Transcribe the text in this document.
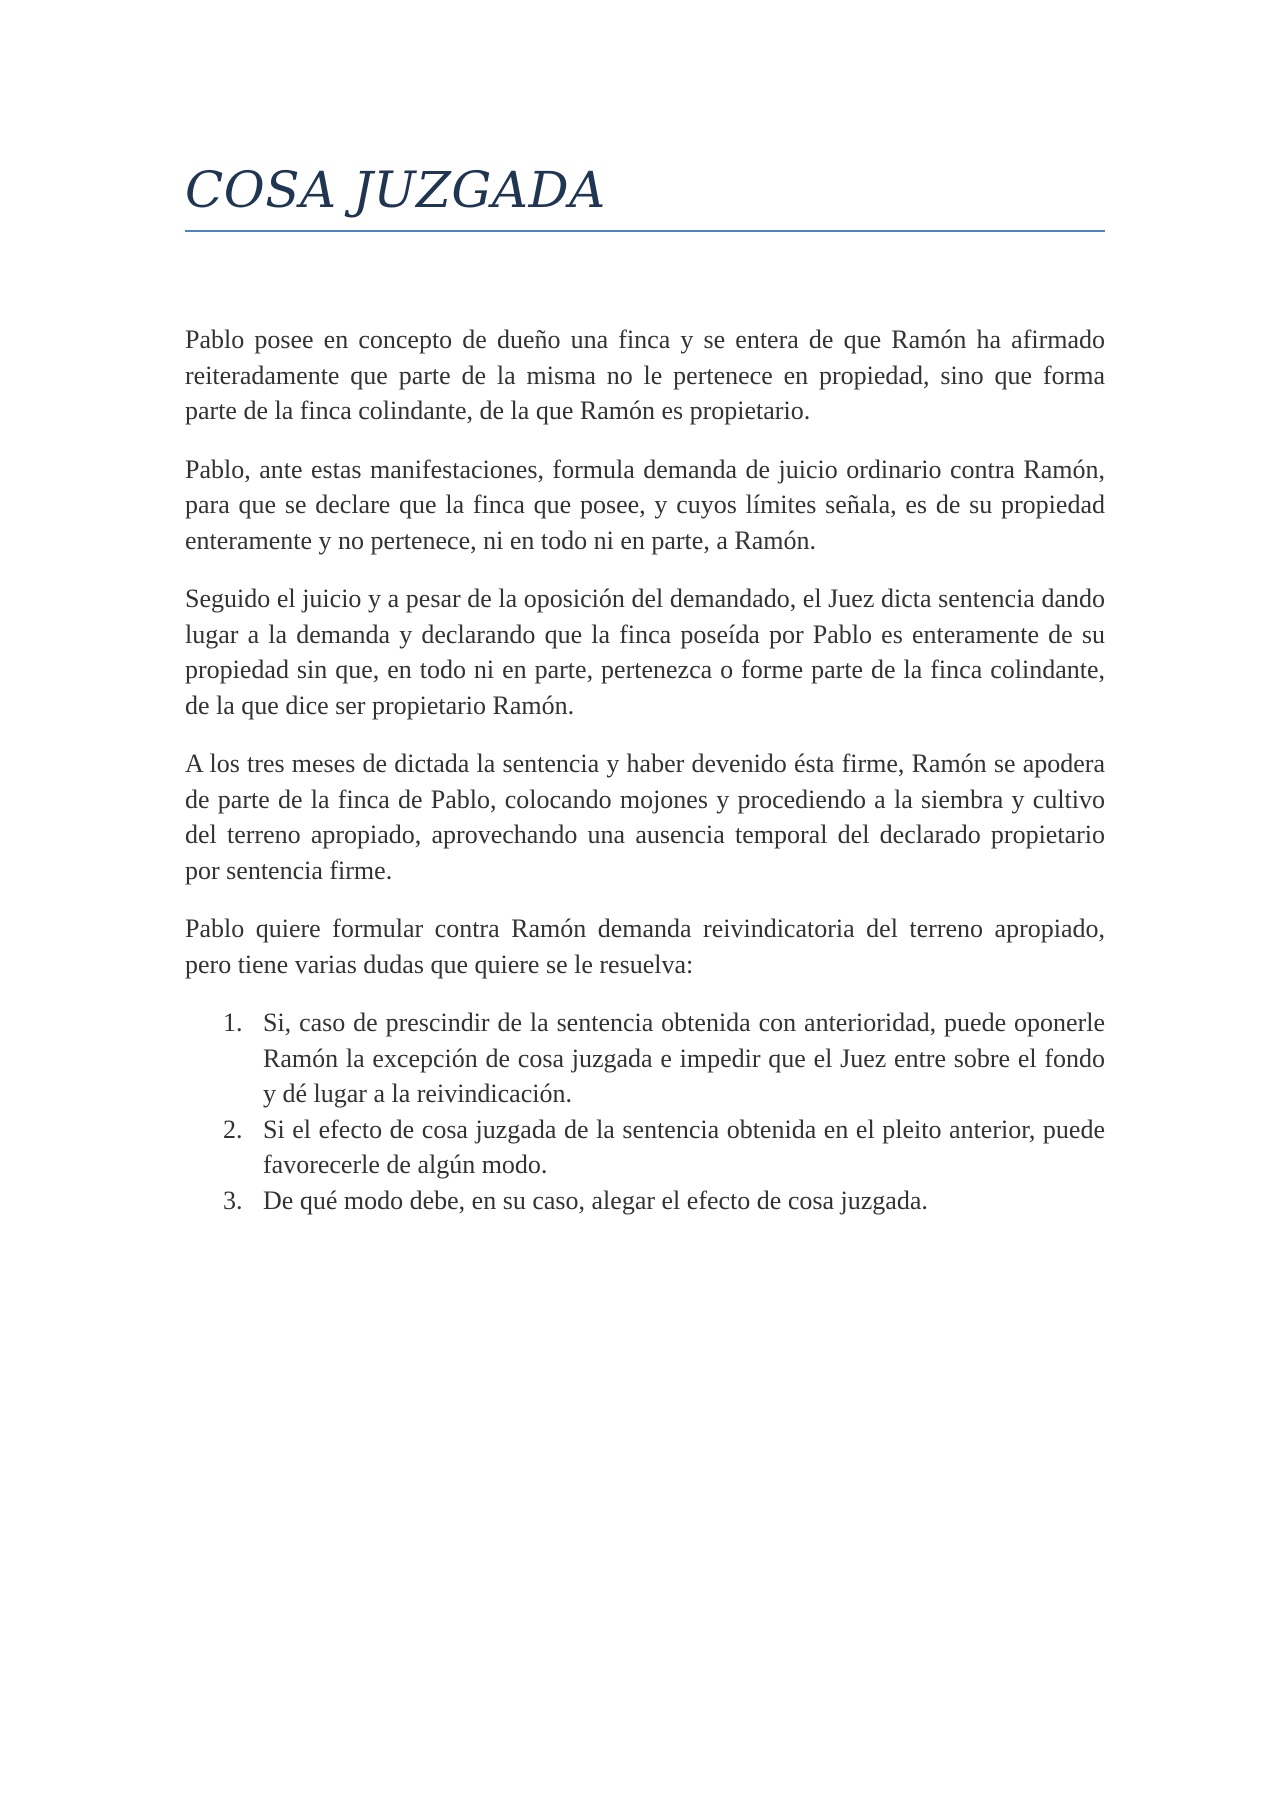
COSA JUZGADA

Pablo posee en concepto de dueño una finca y se entera de que Ramón ha afirmado reiteradamente que parte de la misma no le pertenece en propiedad, sino que forma parte de la finca colindante, de la que Ramón es propietario.

Pablo, ante estas manifestaciones, formula demanda de juicio ordinario contra Ramón, para que se declare que la finca que posee, y cuyos límites señala, es de su propiedad enteramente y no pertenece, ni en todo ni en parte, a Ramón.

Seguido el juicio y a pesar de la oposición del demandado, el Juez dicta sentencia dando lugar a la demanda y declarando que la finca poseída por Pablo es enteramente de su propiedad sin que, en todo ni en parte, pertenezca o forme parte de la finca colindante, de la que dice ser propietario Ramón.

A los tres meses de dictada la sentencia y haber devenido ésta firme, Ramón se apodera de parte de la finca de Pablo, colocando mojones y procediendo a la siembra y cultivo del terreno apropiado, aprovechando una ausencia temporal del declarado propietario por sentencia firme.

Pablo quiere formular contra Ramón demanda reivindicatoria del terreno apropiado, pero tiene varias dudas que quiere se le resuelva:

1. Si, caso de prescindir de la sentencia obtenida con anterioridad, puede oponerle Ramón la excepción de cosa juzgada e impedir que el Juez entre sobre el fondo y dé lugar a la reivindicación.
2. Si el efecto de cosa juzgada de la sentencia obtenida en el pleito anterior, puede favorecerle de algún modo.
3. De qué modo debe, en su caso, alegar el efecto de cosa juzgada.
